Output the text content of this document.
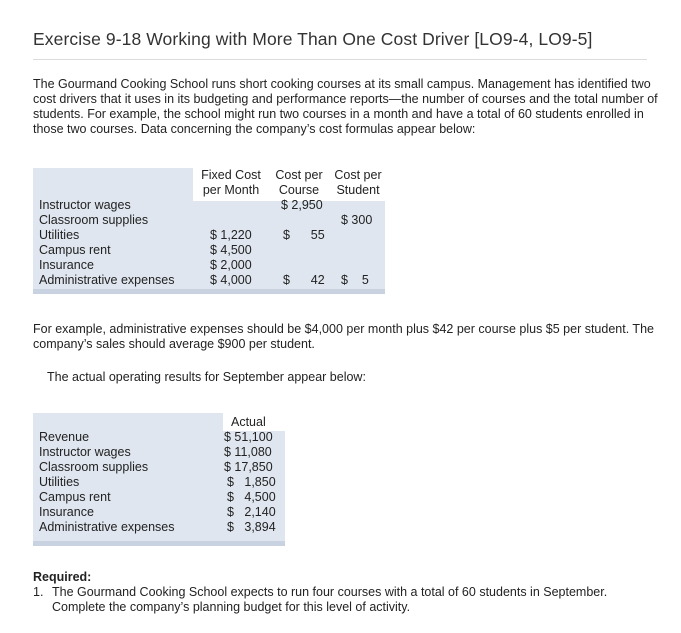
Exercise 9-18 Working with More Than One Cost Driver [LO9-4, LO9-5]
The Gourmand Cooking School runs short cooking courses at its small campus. Management has identified two cost drivers that it uses in its budgeting and performance reports—the number of courses and the total number of students. For example, the school might run two courses in a month and have a total of 60 students enrolled in those two courses. Data concerning the company’s cost formulas appear below:
Fixed Cost
per Month
Cost per
Course
Cost per
Student
Instructor wages
Classroom supplies
Utilities
Campus rent
Insurance
Administrative expenses
$ 2,950
$ 300
$ 1,220	$      55
$ 4,500
$ 2,000
$ 4,000	$      42 $    5
For example, administrative expenses should be $4,000 per month plus $42 per course plus $5 per student. The company’s sales should average $900 per student.
The actual operating results for September appear below:
Actual
Revenue
Instructor wages
Classroom supplies
Utilities
Campus rent
Insurance
Administrative expenses
$ 51,100
$ 11,080
$ 17,850
$   1,850
$   4,500
$   2,140
$   3,894
Required:
1. The Gourmand Cooking School expects to run four courses with a total of 60 students in September.
Complete the company’s planning budget for this level of activity.
